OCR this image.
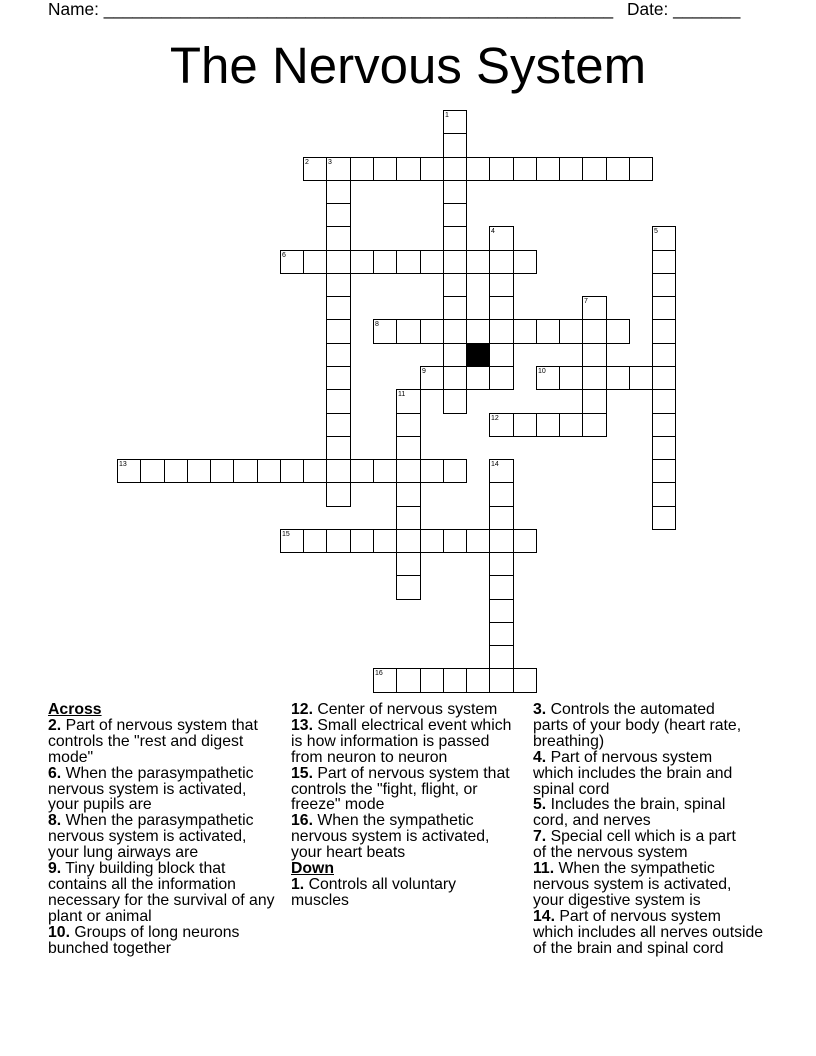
Name: _____________________________________________________ Date: _______
The Nervous System
1
2	3
4	5
6
7
8
9	10
11
12
13	14
15
16
Across
2. Part of nervous system that
controls the "rest and digest
mode"
6. When the parasympathetic
nervous system is activated,
your pupils are
8. When the parasympathetic
nervous system is activated,
your lung airways are
9. Tiny building block that
contains all the information
necessary for the survival of any
plant or animal
10. Groups of long neurons
bunched together
12. Center of nervous system
13. Small electrical event which
is how information is passed
from neuron to neuron
15. Part of nervous system that
controls the "fight, flight, or
freeze" mode
16. When the sympathetic
nervous system is activated,
your heart beats
Down
1. Controls all voluntary
muscles
3. Controls the automated
parts of your body (heart rate,
breathing)
4. Part of nervous system
which includes the brain and
spinal cord
5. Includes the brain, spinal
cord, and nerves
7. Special cell which is a part
of the nervous system
11. When the sympathetic
nervous system is activated,
your digestive system is
14. Part of nervous system
which includes all nerves outside
of the brain and spinal cord
